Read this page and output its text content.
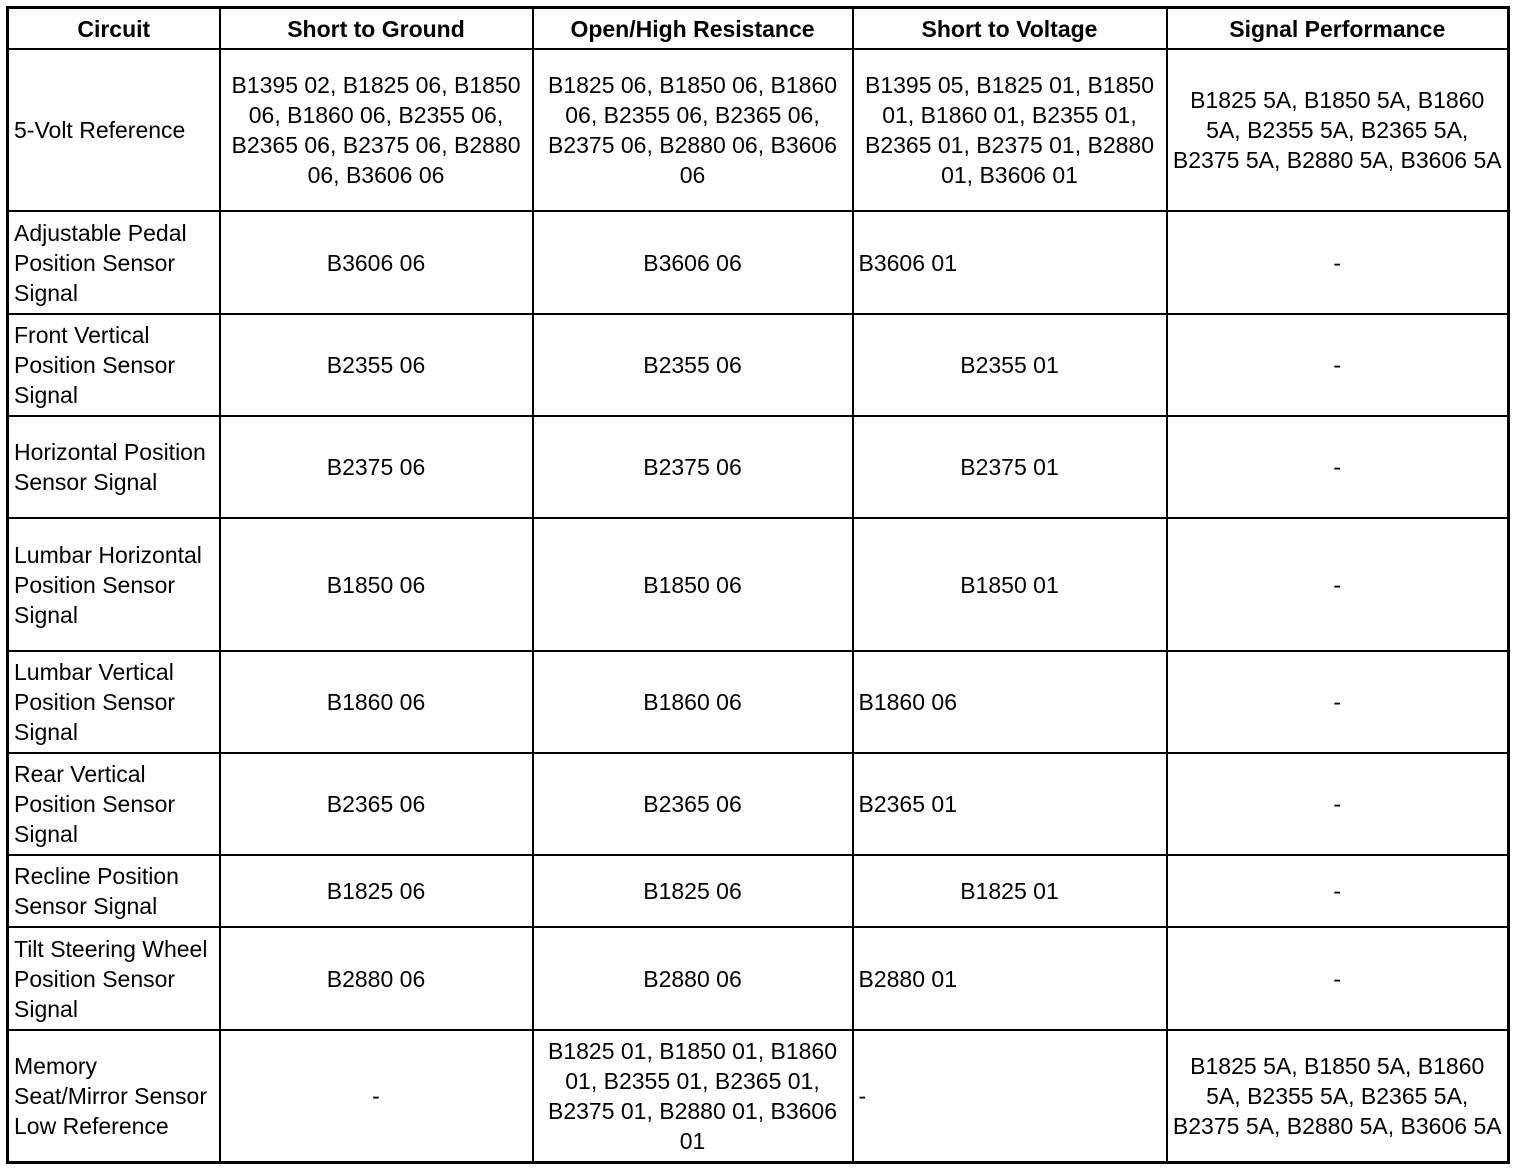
Circuit	Short to Ground	Open/High Resistance	Short to Voltage	Signal Performance
5-Volt Reference	B1395 02, B1825 06, B1850 06, B1860 06, B2355 06, B2365 06, B2375 06, B2880 06, B3606 06	B1825 06, B1850 06, B1860 06, B2355 06, B2365 06, B2375 06, B2880 06, B3606 06	B1395 05, B1825 01, B1850 01, B1860 01, B2355 01, B2365 01, B2375 01, B2880 01, B3606 01	B1825 5A, B1850 5A, B1860 5A, B2355 5A, B2365 5A, B2375 5A, B2880 5A, B3606 5A
Adjustable Pedal Position Sensor Signal	B3606 06	B3606 06	B3606 01	-
Front Vertical Position Sensor Signal	B2355 06	B2355 06	B2355 01	-
Horizontal Position Sensor Signal	B2375 06	B2375 06	B2375 01	-
Lumbar Horizontal Position Sensor Signal	B1850 06	B1850 06	B1850 01	-
Lumbar Vertical Position Sensor Signal	B1860 06	B1860 06	B1860 06	-
Rear Vertical Position Sensor Signal	B2365 06	B2365 06	B2365 01	-
Recline Position Sensor Signal	B1825 06	B1825 06	B1825 01	-
Tilt Steering Wheel Position Sensor Signal	B2880 06	B2880 06	B2880 01	-
Memory Seat/Mirror Sensor Low Reference	-	B1825 01, B1850 01, B1860 01, B2355 01, B2365 01, B2375 01, B2880 01, B3606 01	-	B1825 5A, B1850 5A, B1860 5A, B2355 5A, B2365 5A, B2375 5A, B2880 5A, B3606 5A
